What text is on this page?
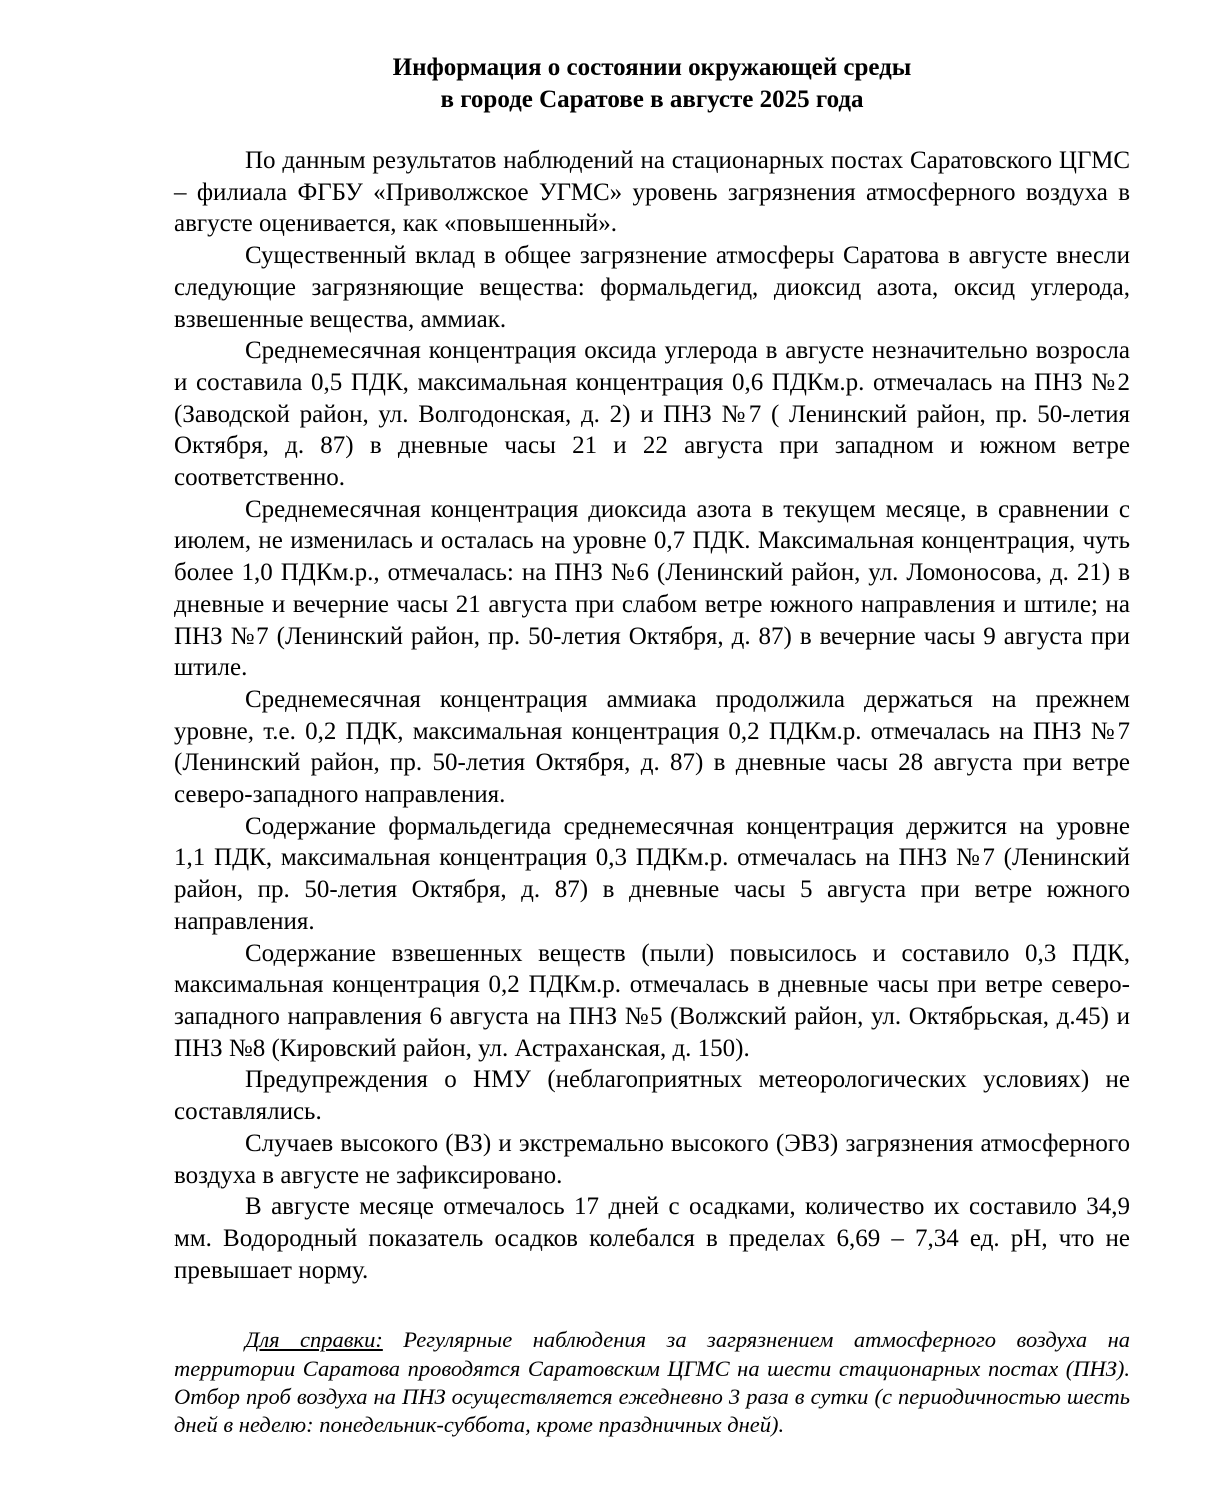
Информация о состоянии окружающей среды
в городе Саратове в августе 2025 года

По данным результатов наблюдений на стационарных постах Саратовского ЦГМС – филиала ФГБУ «Приволжское УГМС» уровень загрязнения атмосферного воздуха в августе оценивается, как «повышенный».

Существенный вклад в общее загрязнение атмосферы Саратова в августе внесли следующие загрязняющие вещества: формальдегид, диоксид азота, оксид углерода, взвешенные вещества, аммиак.

Среднемесячная концентрация оксида углерода в августе незначительно возросла и составила 0,5 ПДК, максимальная концентрация 0,6 ПДКм.р. отмечалась на ПНЗ №2 (Заводской район, ул. Волгодонская, д. 2) и ПНЗ №7 ( Ленинский район, пр. 50-летия Октября, д. 87) в дневные часы 21 и 22 августа при западном и южном ветре соответственно.

Среднемесячная концентрация диоксида азота в текущем месяце, в сравнении с июлем, не изменилась и осталась на уровне 0,7 ПДК. Максимальная концентрация, чуть более 1,0 ПДКм.р., отмечалась: на ПНЗ №6 (Ленинский район, ул. Ломоносова, д. 21) в дневные и вечерние часы 21 августа при слабом ветре южного направления и штиле; на ПНЗ №7 (Ленинский район, пр. 50-летия Октября, д. 87) в вечерние часы 9 августа при штиле.

Среднемесячная концентрация аммиака продолжила держаться на прежнем уровне, т.е. 0,2 ПДК, максимальная концентрация 0,2 ПДКм.р. отмечалась на ПНЗ №7 (Ленинский район, пр. 50-летия Октября, д. 87) в дневные часы 28 августа при ветре северо-западного направления.

Содержание формальдегида среднемесячная концентрация держится на уровне 1,1 ПДК, максимальная концентрация 0,3 ПДКм.р. отмечалась на ПНЗ №7 (Ленинский район, пр. 50-летия Октября, д. 87) в дневные часы 5 августа при ветре южного направления.

Содержание взвешенных веществ (пыли) повысилось и составило 0,3 ПДК, максимальная концентрация 0,2 ПДКм.р. отмечалась в дневные часы при ветре северо-западного направления 6 августа на ПНЗ №5 (Волжский район, ул. Октябрьская, д.45) и ПНЗ №8 (Кировский район, ул. Астраханская, д. 150).

Предупреждения о НМУ (неблагоприятных метеорологических условиях) не составлялись.

Случаев высокого (ВЗ) и экстремально высокого (ЭВЗ) загрязнения атмосферного воздуха в августе не зафиксировано.

В августе месяце отмечалось 17 дней с осадками, количество их составило 34,9 мм. Водородный показатель осадков колебался в пределах 6,69 – 7,34 ед. pH, что не превышает норму.

Для справки: Регулярные наблюдения за загрязнением атмосферного воздуха на территории Саратова проводятся Саратовским ЦГМС на шести стационарных постах (ПНЗ). Отбор проб воздуха на ПНЗ осуществляется ежедневно 3 раза в сутки (с периодичностью шесть дней в неделю: понедельник-суббота, кроме праздничных дней).
